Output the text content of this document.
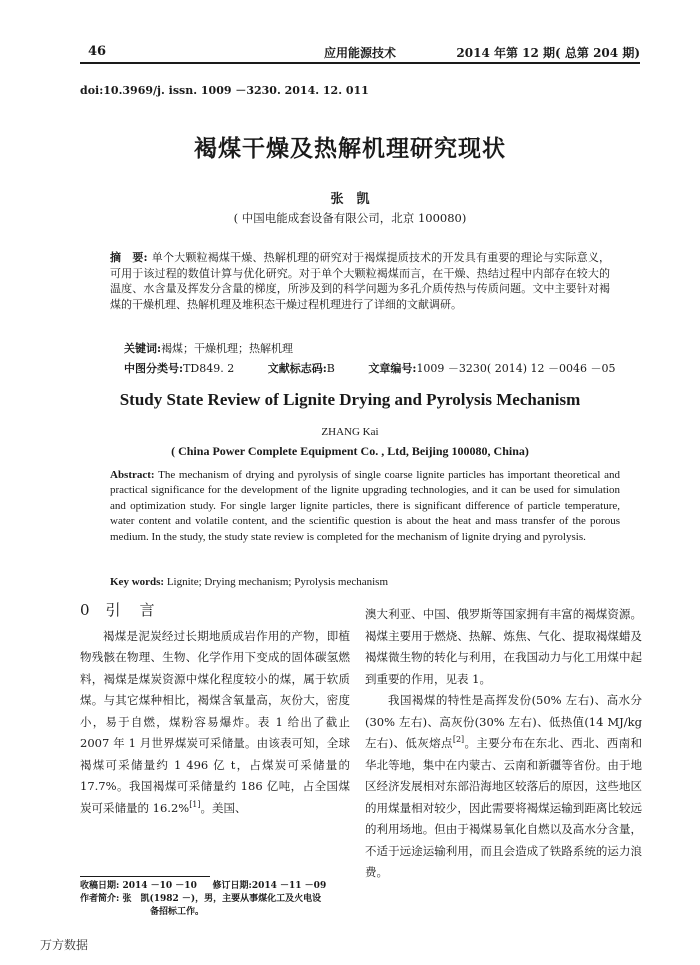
46	应用能源技术	2014 年第 12 期( 总第 204 期)
doi:10.3969/j. issn. 1009 －3230. 2014. 12. 011
褐煤干燥及热解机理研究现状
张　凯
( 中国电能成套设备有限公司，北京 100080)
摘　要: 单个大颗粒褐煤干燥、热解机理的研究对于褐煤提质技术的开发具有重要的理论与实际意义，可用于该过程的数值计算与优化研究。对于单个大颗粒褐煤而言，在干燥、热结过程中内部存在较大的温度、水含量及挥发分含量的梯度，所涉及到的科学问题为多孔介质传热与传质问题。文中主要针对褐煤的干燥机理、热解机理及堆积态干燥过程机理进行了详细的文献调研。
关键词:褐煤；干燥机理；热解机理
中图分类号:TD849. 2	文献标志码:B	文章编号:1009 －3230( 2014) 12 －0046 －05
Study State Review of Lignite Drying and Pyrolysis Mechanism
ZHANG Kai
( China Power Complete Equipment Co. , Ltd, Beijing 100080, China)
Abstract: The mechanism of drying and pyrolysis of single coarse lignite particles has important theoretical and practical significance for the development of the lignite upgrading technologies, and it can be used for simulation and optimization study. For single larger lignite particles, there is significant difference of particle temperature, water content and volatile content, and the scientific question is about the heat and mass transfer of the porous medium. In the study, the study state review is completed for the mechanism of lignite drying and pyrolysis.
Key words: Lignite; Drying mechanism; Pyrolysis mechanism
0 引　言

褐煤是泥炭经过长期地质成岩作用的产物，即植物残骸在物理、生物、化学作用下变成的固体碳氢燃料，褐煤是煤炭资源中煤化程度较小的煤，属于软质煤。与其它煤种相比，褐煤含氧量高，灰份大，密度小，易于自燃，煤粉容易爆炸。表 1 给出了截止 2007 年 1 月世界煤炭可采储量。由该表可知，全球褐煤可采储量约 1 496 亿 t，占煤炭可采储量的 17.7%。我国褐煤可采储量约 186 亿吨，占全国煤炭可采储量的 16.2%[1]。美国、

澳大利亚、中国、俄罗斯等国家拥有丰富的褐煤资源。褐煤主要用于燃烧、热解、炼焦、气化、提取褐煤蜡及褐煤微生物的转化与利用，在我国动力与化工用煤中起到重要的作用，见表 1。

我国褐煤的特性是高挥发份(50% 左右)、高水分(30% 左右)、高灰份(30% 左右)、低热值(14 MJ/kg 左右)、低灰熔点[2]。主要分布在东北、西北、西南和华北等地，集中在内蒙古、云南和新疆等省份。由于地区经济发展相对东部沿海地区较落后的原因，这些地区的用煤量相对较少，因此需要将褐煤运输到距离比较远的利用场地。但由于褐煤易氧化自燃以及高水分含量，不适于远途运输利用，而且会造成了铁路系统的运力浪费。

收稿日期: 2014 －10 －10 修订日期:2014 －11 －09
作者简介: 张　凯(1982 －)，男，主要从事煤化工及火电设
备招标工作。
万方数据
